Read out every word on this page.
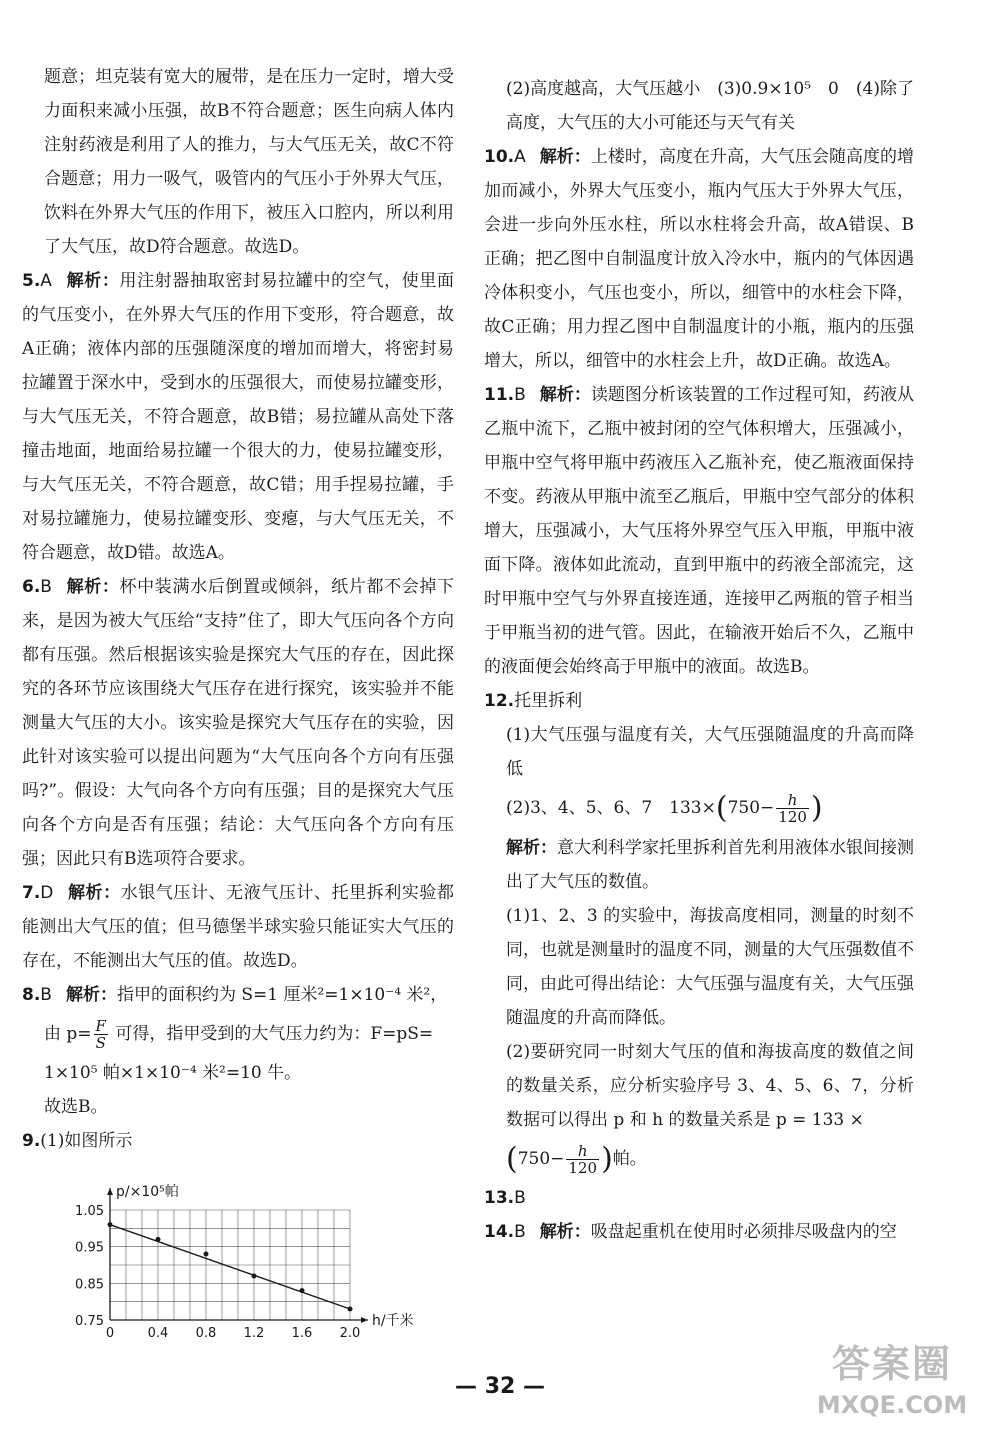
题意；坦克装有宽大的履带，是在压力一定时，增大受力面积来减小压强，故B不符合题意；医生向病人体内注射药液是利用了人的推力，与大气压无关，故C不符合题意；用力一吸气，吸管内的气压小于外界大气压，饮料在外界大气压的作用下，被压入口腔内，所以利用了大气压，故D符合题意。故选D。

5.A 解析：用注射器抽取密封易拉罐中的空气，使里面的气压变小，在外界大气压的作用下变形，符合题意，故A正确；液体内部的压强随深度的增加而增大，将密封易拉罐置于深水中，受到水的压强很大，而使易拉罐变形，与大气压无关，不符合题意，故B错；易拉罐从高处下落撞击地面，地面给易拉罐一个很大的力，使易拉罐变形，与大气压无关，不符合题意，故C错；用手捏易拉罐，手对易拉罐施力，使易拉罐变形、变瘪，与大气压无关，不符合题意，故D错。故选A。

6.B 解析：杯中装满水后倒置或倾斜，纸片都不会掉下来，是因为被大气压给“支持”住了，即大气压向各个方向都有压强。然后根据该实验是探究大气压的存在，因此探究的各环节应该围绕大气压存在进行探究，该实验并不能测量大气压的大小。该实验是探究大气压存在的实验，因此针对该实验可以提出问题为“大气压向各个方向有压强吗?”。假设：大气向各个方向有压强；目的是探究大气压向各个方向是否有压强；结论：大气压向各个方向有压强；因此只有B选项符合要求。

7.D 解析：水银气压计、无液气压计、托里拆利实验都能测出大气压的值；但马德堡半球实验只能证实大气压的存在，不能测出大气压的值。故选D。

8.B 解析：指甲的面积约为 S=1 厘米²=1×10⁻⁴ 米²，

由 $p= \frac{F}{S}$ 可得，指甲受到的大气压力约为：F=pS=

1×10⁵ 帕×1×10⁻⁴ 米²=10 牛。

故选B。

9.(1)如图所示

0	0.4 0.8 1.2 1.6 2.0
0.75
0.85
0.95
1.05
p/×10⁵帕
h/千米

(2)高度越高，大气压越小　(3)0.9×10⁵　0　(4)除了高度，大气压的大小可能还与天气有关

10.A 解析：上楼时，高度在升高，大气压会随高度的增加而减小，外界大气压变小，瓶内气压大于外界大气压，会进一步向外压水柱，所以水柱将会升高，故A错误、B正确；把乙图中自制温度计放入冷水中，瓶内的气体因遇冷体积变小，气压也变小，所以，细管中的水柱会下降，故C正确；用力捏乙图中自制温度计的小瓶，瓶内的压强增大，所以，细管中的水柱会上升，故D正确。故选A。

11.B 解析：读题图分析该装置的工作过程可知，药液从乙瓶中流下，乙瓶中被封闭的空气体积增大，压强减小，甲瓶中空气将甲瓶中药液压入乙瓶补充，使乙瓶液面保持不变。药液从甲瓶中流至乙瓶后，甲瓶中空气部分的体积增大，压强减小，大气压将外界空气压入甲瓶，甲瓶中液面下降。液体如此流动，直到甲瓶中的药液全部流完，这时甲瓶中空气与外界直接连通，连接甲乙两瓶的管子相当于甲瓶当初的进气管。因此，在输液开始后不久，乙瓶中的液面便会始终高于甲瓶中的液面。故选B。

12.托里拆利

(1)大气压强与温度有关，大气压强随温度的升高而降低

(2)3、4、5、6、7　$133\times(750- \frac{h}{120}$ )

解析：意大利科学家托里拆利首先利用液体水银间接测出了大气压的数值。

(1)1、2、3 的实验中，海拔高度相同，测量的时刻不同，也就是测量时的温度不同，测量的大气压强数值不同，由此可得出结论：大气压强与温度有关，大气压强随温度的升高而降低。

(2)要研究同一时刻大气压的值和海拔高度的数值之间的数量关系，应分析实验序号 3、4、5、6、7，分析数据可以得出 p 和 h 的数量关系是 p = 133 ×

($750- \frac{h}{120}$ )帕。

13.B

14.B 解析：吸盘起重机在使用时必须排尽吸盘内的空

— 32 —
答案圈
MXQE.COM
